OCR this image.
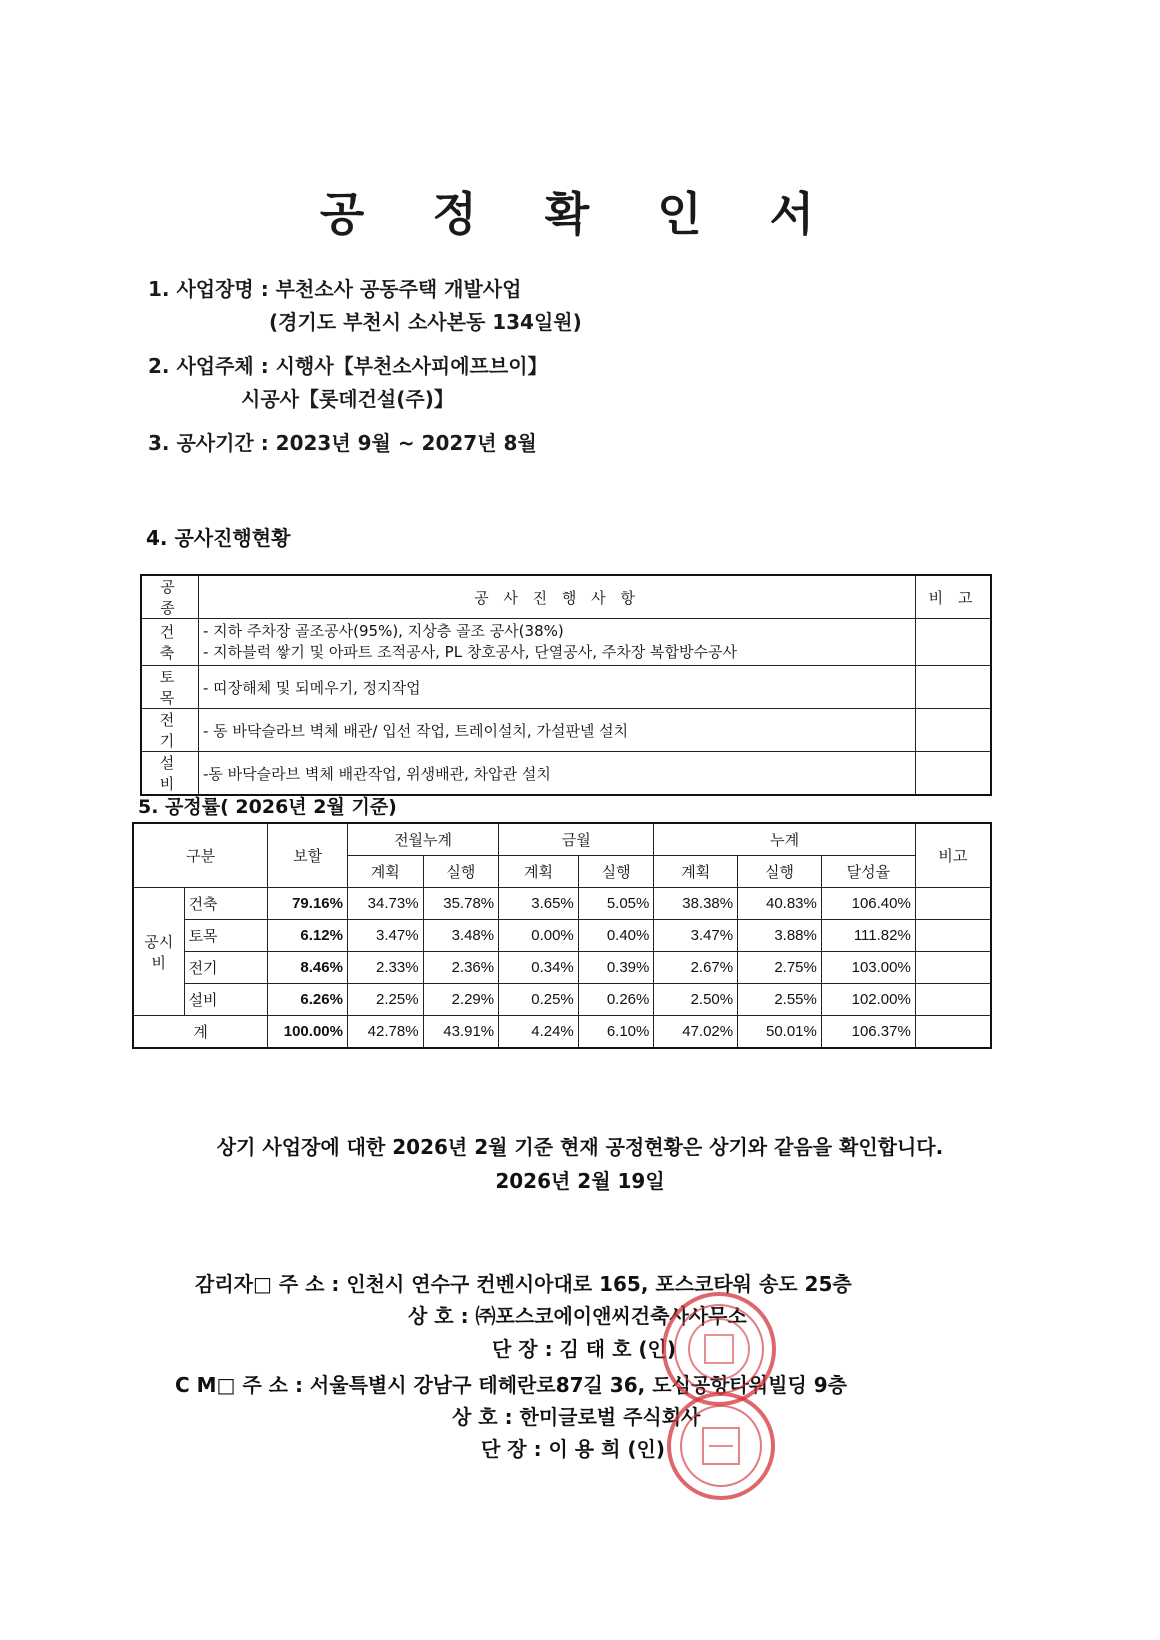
공 정 확 인 서
1. 사업장명 : 부천소사 공동주택 개발사업
(경기도 부천시 소사본동 134일원)
2. 사업주체 : 시행사【부천소사피에프브이】
시공사【롯데건설(주)】
3. 공사기간 : 2023년 9월 ~ 2027년 8월
4. 공사진행현황
공 종	공 사 진 행 사 항	비 고
건 축	- 지하 주차장 골조공사(95%), 지상층 골조 공사(38%)
- 지하블럭 쌓기 및 아파트 조적공사, PL 창호공사, 단열공사, 주차장 복합방수공사	

토 목	- 띠장해체 및 되메우기, 정지작업	
전 기	- 동 바닥슬라브 벽체 배관/ 입선 작업, 트레이설치, 가설판넬 설치	
설 비	-동 바닥슬라브 벽체 배관작업, 위생배관, 차압관 설치	
5. 공정률( 2026년 2월 기준)
구분		보할	전월누계		금월		누계			비고
			계획	실행	계획	실행	계획	실행	달성율	
공시비	건축	79.16%	34.73%	35.78%	3.65%	5.05%	38.38%	40.83%	106.40%	
	토목	6.12%	3.47%	3.48%	0.00%	0.40%	3.47%	3.88%	111.82%	
	전기	8.46%	2.33%	2.36%	0.34%	0.39%	2.67%	2.75%	103.00%	
	설비	6.26%	2.25%	2.29%	0.25%	0.26%	2.50%	2.55%	102.00%	
계		100.00%	42.78%	43.91%	4.24%	6.10%	47.02%	50.01%	106.37%	
상기 사업장에 대한 2026년 2월 기준 현재 공정현황은 상기와 같음을 확인합니다.
2026년 2월 19일
감리자□ 주 소 : 인천시 연수구 컨벤시아대로 165, 포스코타워 송도 25층
상 호 : ㈜포스코에이앤씨건축사사무소
단 장 : 김 태 호 (인)
C M□ 주 소 : 서울특별시 강남구 테헤란로87길 36, 도심공항타워빌딩 9층
상 호 : 한미글로벌 주식회사
단 장 : 이 용 희 (인)
